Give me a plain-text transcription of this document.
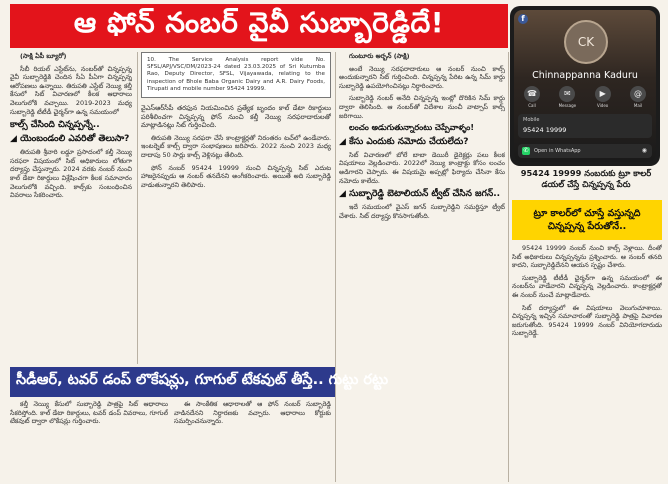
ఆ ఫోన్ నంబర్ వైవీ సుబ్బారెడ్డిదే!

(సాక్షి ఏపీ బ్యూరో)

సీబీ రియల్ ఎస్టేట్‌ను, నంబర్‌తో చిన్నప్పన్న వైవీ సుబ్బారెడ్డికి చెందిన సీఏ పీఏగా చిన్నప్పన్న ఆరోపణలు ఉన్నాయి. తిరుపతి ఎస్టేట్ నెయ్యి కల్తీ కేసులో సిట్ విచారణలో కీలక ఆధారాలు వెలుగులోకి వచ్చాయి. 2019-2023 మధ్య సుబ్బారెడ్డి టీటీడీ ఛైర్మన్‌గా ఉన్న సమయంలో

కాల్స్ చేసింది చిన్నప్పన్నే..
◢ యెంబండంలి ఎవరితో తెలుసా?

తిరుపతి శ్రీవారి లడ్డూ ప్రసాదంలో కల్తీ నెయ్యి సరఫరా విషయంలో సిట్ అధికారులు లోతుగా దర్యాప్తు చేస్తున్నారు. 2024 వరకు నంబర్ నుంచి కాల్ డేటా రికార్డులు విశ్లేషించగా కీలక సమాచారం వెలుగులోకి వచ్చింది. కాల్స్‌కు సంబంధించిన వివరాలు సేకరించారు.

10. The Service Analysis report vide No. SFSL/APJ/VSC/DM/2023-24 dated 23.03.2025 of Sri Kutumba Rao, Deputy Director, SFSL, Vijayawada, relating to the inspection of Bhole Baba Organic Dairy and A.R. Dairy Foods, Tirupati and mobile number 95424 19999.

వైఎస్ఆర్‌సీపీ తరఫున నియమించిన ప్రత్యేక బృందం కాల్ డేటా రికార్డులు పరిశీలించగా చిన్నప్పన్న ఫోన్ నుంచి కల్తీ నెయ్యి సరఫరాదారులతో మాట్లాడినట్లు సిట్ గుర్తించింది.

తిరుపతి నెయ్యి సరఫరా చేసే కాంట్రాక్టర్లతో నిరంతరం టచ్‌లో ఉండేవారు. ఇంటర్నెట్ కాల్స్ ద్వారా సంభాషణలు జరిపారు. 2022 నుంచి 2023 మధ్య దాదాపు 50 సార్లు కాల్స్ వెళ్లినట్లు తేలింది.

ఫోన్ నంబర్ 95424 19999 నుంచి చిన్నప్పన్న సిట్ ఎదుట హాజరైనప్పుడు ఆ నంబర్ తనదేనని అంగీకరించారు. అయితే అది సుబ్బారెడ్డి వాడుతున్నారని తెలిపారు.

గుంటూరు అర్బన్ (సాక్షి)

అంటే నెయ్యి సరఫరాదారులు ఆ నంబర్ నుంచి కాల్స్ అందుకున్నారని సిట్ గుర్తించింది. చిన్నప్పన్న పేరిట ఉన్న సిమ్ కార్డు సుబ్బారెడ్డి ఉపయోగించినట్లు నిర్ధారించారు.

సుబ్బారెడ్డి నంబర్ అనేది చిన్నప్పన్న ఇంట్లో దొరికిన సిమ్ కార్డు ద్వారా తెలిసింది. ఆ నంబర్‌తో విదేశాల నుంచీ వాట్సాప్ కాల్స్ జరిగాయి.

లంచం అడుగుతున్నారంటు చెప్పేవాళ్ళం!

◢ కేసు ఎందుకు నమోదు చేయలేదు?

సిట్ విచారణలో బోలే బాబా డెయిరీ డైరెక్టర్లు పలు కీలక విషయాలు వెల్లడించారు. 2022లో నెయ్యి కాంట్రాక్టు కోసం లంచం అడిగారని చెప్పారు. ఈ విషయమై అప్పట్లో ఫిర్యాదు చేసినా కేసు నమోదు కాలేదు.

◢ సుబ్బారెడ్డి బెటాలియన్ ట్వీట్ చేసిన జగన్..

ఇదే సమయంలో వైఎస్ జగన్ సుబ్బారెడ్డిని సమర్థిస్తూ ట్వీట్ చేశారు. సిట్ దర్యాప్తు కొనసాగుతోంది.

f
CK
Chinnappanna Kaduru
☎
Call
✉
Message
▶
Video
@
Mail
Mobile
95424 19999
✆ Open in WhatsApp	◉
95424 19999 నంబరుకు ట్రూ కాలర్ డయల్ చేస్తే చిన్నప్పన్న పేరు
ట్రూ కాలర్‌లో చూస్తే వస్తున్నది
చిన్నప్పన్న పేరుతోనే..

95424 19999 నంబర్ నుంచి కాల్స్ వెళ్లాయి. దీంతో సిట్ అధికారులు చిన్నప్పన్నను ప్రశ్నించారు. ఆ నంబర్ తనది కాదని, సుబ్బారెడ్డిదేనని ఆయన స్పష్టం చేశారు.

సుబ్బారెడ్డి టీటీడీ ఛైర్మన్‌గా ఉన్న సమయంలో ఈ నంబర్‌ను వాడేవారని చిన్నప్పన్న వెల్లడించారు. కాంట్రాక్టర్లతో ఈ నంబర్ నుంచే మాట్లాడేవారు.

సిట్ దర్యాప్తులో ఈ విషయాలు వెలుగుచూశాయి. చిన్నప్పన్న ఇచ్చిన సమాచారంతో సుబ్బారెడ్డి పాత్రపై విచారణ జరుగుతోంది. 95424 19999 నంబర్ వినియోగదారుడు సుబ్బారెడ్డే.

సీడీఆర్, టవర్ డంప్ లొకేషన్లు, గూగుల్ టేకవుట్ తీస్తే.. గుట్టు రట్టు

కల్తీ నెయ్యి కేసులో సుబ్బారెడ్డి పాత్రపై సిట్ ఆధారాలు సేకరిస్తోంది. కాల్ డేటా రికార్డులు, టవర్ డంప్ వివరాలు, గూగుల్ టేకవుట్ ద్వారా లొకేషన్లు గుర్తించారు.

ఈ సాంకేతిక ఆధారాలతో ఆ ఫోన్ నంబర్ సుబ్బారెడ్డి వాడినదేనని నిర్ధారణకు వచ్చారు. ఆధారాలు కోర్టుకు సమర్పించనున్నారు.
